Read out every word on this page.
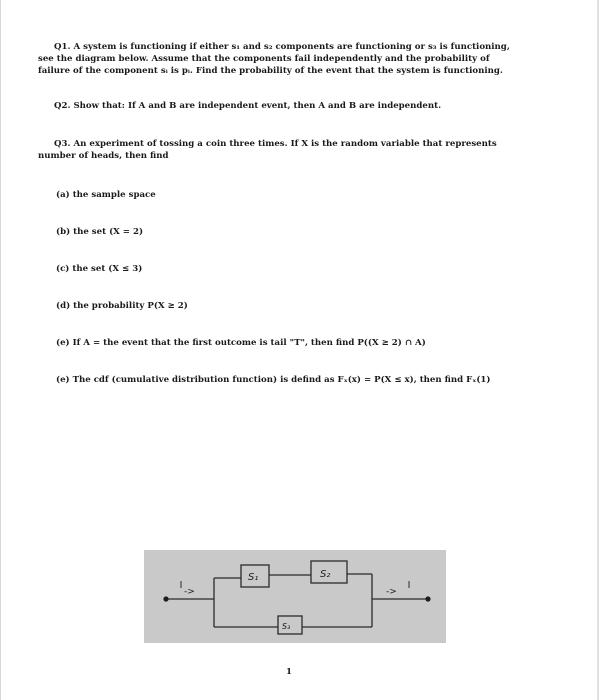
Q1. A system is functioning if either s₁ and s₂ components are functioning or s₃ is functioning,
see the diagram below. Assume that the components fail independently and the probability of
failure of the component sᵢ is pᵢ. Find the probability of the event that the system is functioning.

Q2. Show that: If A and B are independent event, then A and B are independent.

Q3. An experiment of tossing a coin three times. If X is the random variable that represents
number of heads, then find

(a) the sample space
(b) the set (X = 2)
(c) the set (X ≤ 3)
(d) the probability P(X ≥ 2)
(e) If A = the event that the first outcome is tail "T", then find P((X ≥ 2) ∩ A)
(e) The cdf (cumulative distribution function) is defind as Fₓ(x) = P(X ≤ x), then find Fₓ(1)
->	->
S₁	S₂
S₃
1
